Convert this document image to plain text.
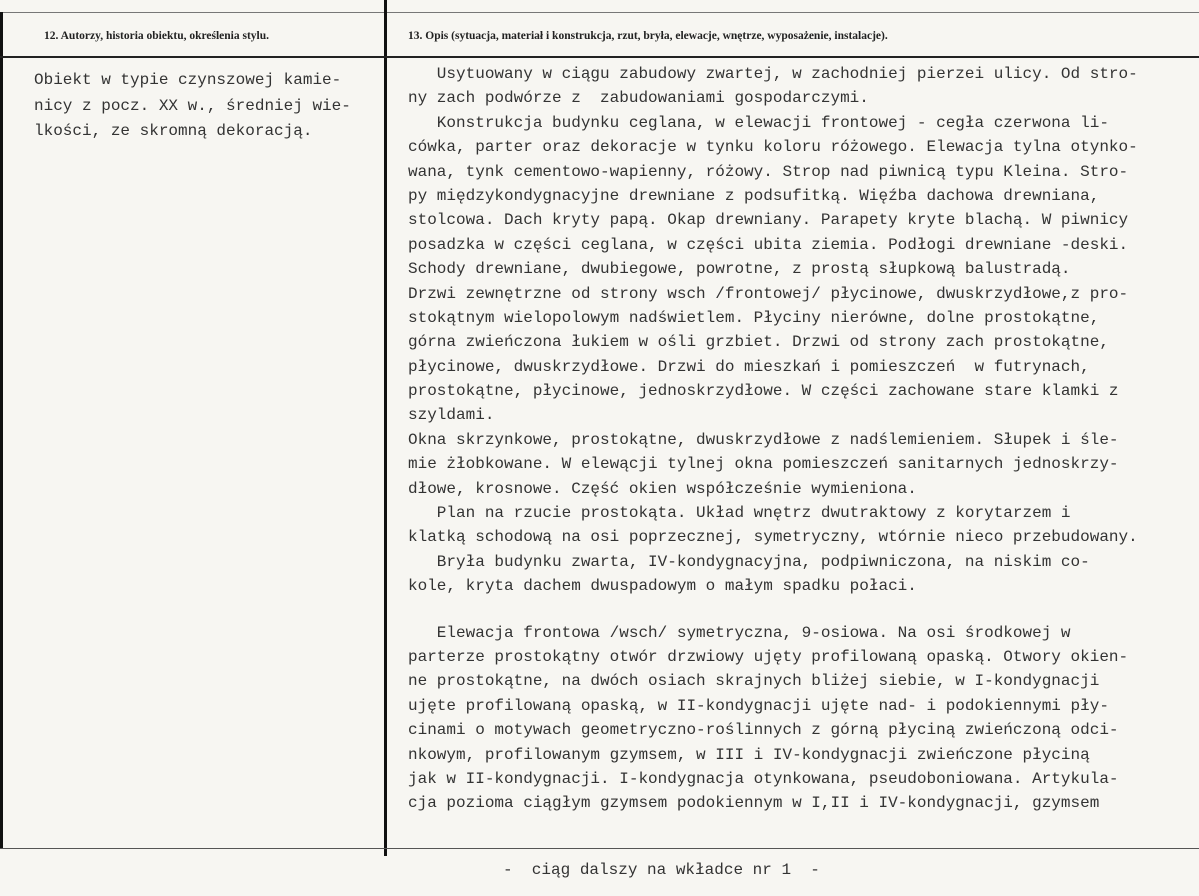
12. Autorzy, historia obiektu, określenia stylu.	13. Opis (sytuacja, materiał i konstrukcja, rzut, bryła, elewacje, wnętrze, wyposażenie, instalacje).
Obiekt w typie czynszowej kamie-
nicy z pocz. XX w., średniej wie-
lkości, ze skromną dekoracją.
Usytuowany w ciągu zabudowy zwartej, w zachodniej pierzei ulicy. Od stro-
ny zach podwórze z  zabudowaniami gospodarczymi.
Konstrukcja budynku ceglana, w elewacji frontowej - cegła czerwona li-
cówka, parter oraz dekoracje w tynku koloru różowego. Elewacja tylna otynko-
wana, tynk cementowo-wapienny, różowy. Strop nad piwnicą typu Kleina. Stro-
py międzykondygnacyjne drewniane z podsufitką. Więźba dachowa drewniana,
stolcowa. Dach kryty papą. Okap drewniany. Parapety kryte blachą. W piwnicy
posadzka w części ceglana, w części ubita ziemia. Podłogi drewniane -deski.
Schody drewniane, dwubiegowe, powrotne, z prostą słupkową balustradą.
Drzwi zewnętrzne od strony wsch /frontowej/ płycinowe, dwuskrzydłowe,z pro-
stokątnym wielopolowym nadświetlem. Płyciny nierówne, dolne prostokątne,
górna zwieńczona łukiem w ośli grzbiet. Drzwi od strony zach prostokątne,
płycinowe, dwuskrzydłowe. Drzwi do mieszkań i pomieszczeń  w futrynach,
prostokątne, płycinowe, jednoskrzydłowe. W części zachowane stare klamki z
szyldami.
Okna skrzynkowe, prostokątne, dwuskrzydłowe z nadślemieniem. Słupek i śle-
mie żłobkowane. W elewącji tylnej okna pomieszczeń sanitarnych jednoskrzy-
dłowe, krosnowe. Część okien współcześnie wymieniona.
Plan na rzucie prostokąta. Układ wnętrz dwutraktowy z korytarzem i
klatką schodową na osi poprzecznej, symetryczny, wtórnie nieco przebudowany.
Bryła budynku zwarta, IV-kondygnacyjna, podpiwniczona, na niskim co-
kole, kryta dachem dwuspadowym o małym spadku połaci.
Elewacja frontowa /wsch/ symetryczna, 9-osiowa. Na osi środkowej w
parterze prostokątny otwór drzwiowy ujęty profilowaną opaską. Otwory okien-
ne prostokątne, na dwóch osiach skrajnych bliżej siebie, w I-kondygnacji
ujęte profilowaną opaską, w II-kondygnacji ujęte nad- i podokiennymi pły-
cinami o motywach geometryczno-roślinnych z górną płyciną zwieńczoną odci-
nkowym, profilowanym gzymsem, w III i IV-kondygnacji zwieńczone płyciną
jak w II-kondygnacji. I-kondygnacja otynkowana, pseudoboniowana. Artykula-
cja pozioma ciągłym gzymsem podokiennym w I,II i IV-kondygnacji, gzymsem
-  ciąg dalszy na wkładce nr 1  -
